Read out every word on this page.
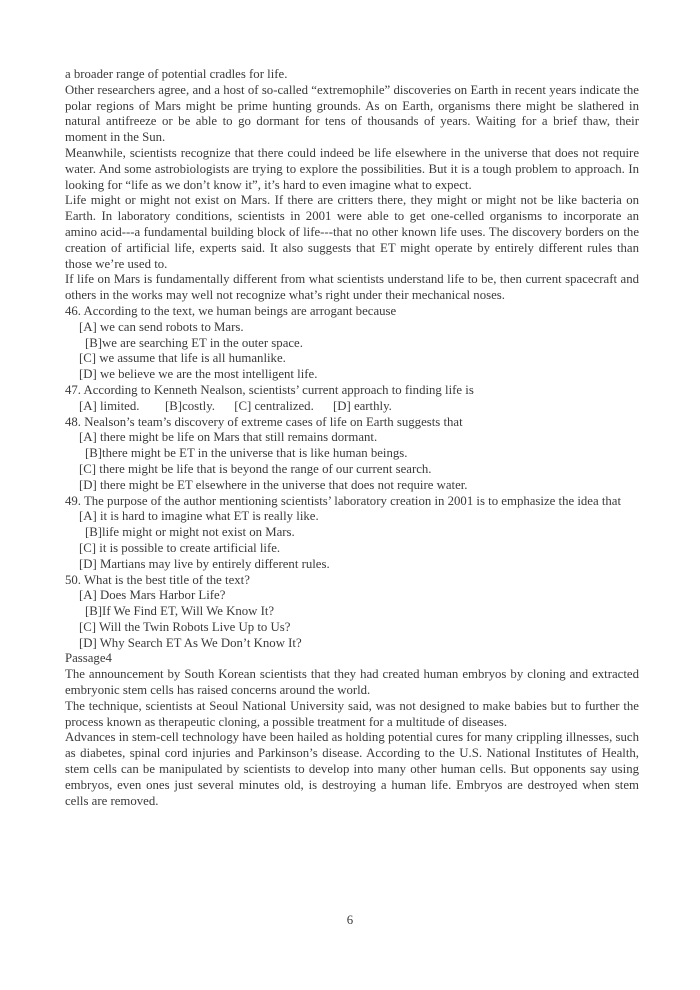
a broader range of potential cradles for life.
Other researchers agree, and a host of so-called “extremophile” discoveries on Earth in recent years indicate the polar regions of Mars might be prime hunting grounds. As on Earth, organisms there might be slathered in natural antifreeze or be able to go dormant for tens of thousands of years. Waiting for a brief thaw, their moment in the Sun.
Meanwhile, scientists recognize that there could indeed be life elsewhere in the universe that does not require water. And some astrobiologists are trying to explore the possibilities. But it is a tough problem to approach. In looking for “life as we don’t know it”, it’s hard to even imagine what to expect.
Life might or might not exist on Mars. If there are critters there, they might or might not be like bacteria on Earth. In laboratory conditions, scientists in 2001 were able to get one-celled organisms to incorporate an amino acid---a fundamental building block of life---that no other known life uses. The discovery borders on the creation of artificial life, experts said. It also suggests that ET might operate by entirely different rules than those we’re used to.
If life on Mars is fundamentally different from what scientists understand life to be, then current spacecraft and others in the works may well not recognize what’s right under their mechanical noses.
46. According to the text, we human beings are arrogant because
[A] we can send robots to Mars.
[B]we are searching ET in the outer space.
[C] we assume that life is all humanlike.
[D] we believe we are the most intelligent life.
47. According to Kenneth Nealson, scientists’ current approach to finding life is
[A] limited.        [B]costly.      [C] centralized.      [D] earthly.
48. Nealson’s team’s discovery of extreme cases of life on Earth suggests that
[A] there might be life on Mars that still remains dormant.
[B]there might be ET in the universe that is like human beings.
[C] there might be life that is beyond the range of our current search.
[D] there might be ET elsewhere in the universe that does not require water.
49. The purpose of the author mentioning scientists’ laboratory creation in 2001 is to emphasize the idea that
[A] it is hard to imagine what ET is really like.
[B]life might or might not exist on Mars.
[C] it is possible to create artificial life.
[D] Martians may live by entirely different rules.
50. What is the best title of the text?
[A] Does Mars Harbor Life?
[B]If We Find ET, Will We Know It?
[C] Will the Twin Robots Live Up to Us?
[D] Why Search ET As We Don’t Know It?
Passage4
The announcement by South Korean scientists that they had created human embryos by cloning and extracted embryonic stem cells has raised concerns around the world.
The technique, scientists at Seoul National University said, was not designed to make babies but to further the process known as therapeutic cloning, a possible treatment for a multitude of diseases.
Advances in stem-cell technology have been hailed as holding potential cures for many crippling illnesses, such as diabetes, spinal cord injuries and Parkinson’s disease. According to the U.S. National Institutes of Health, stem cells can be manipulated by scientists to develop into many other human cells. But opponents say using embryos, even ones just several minutes old, is destroying a human life. Embryos are destroyed when stem cells are removed.
6
